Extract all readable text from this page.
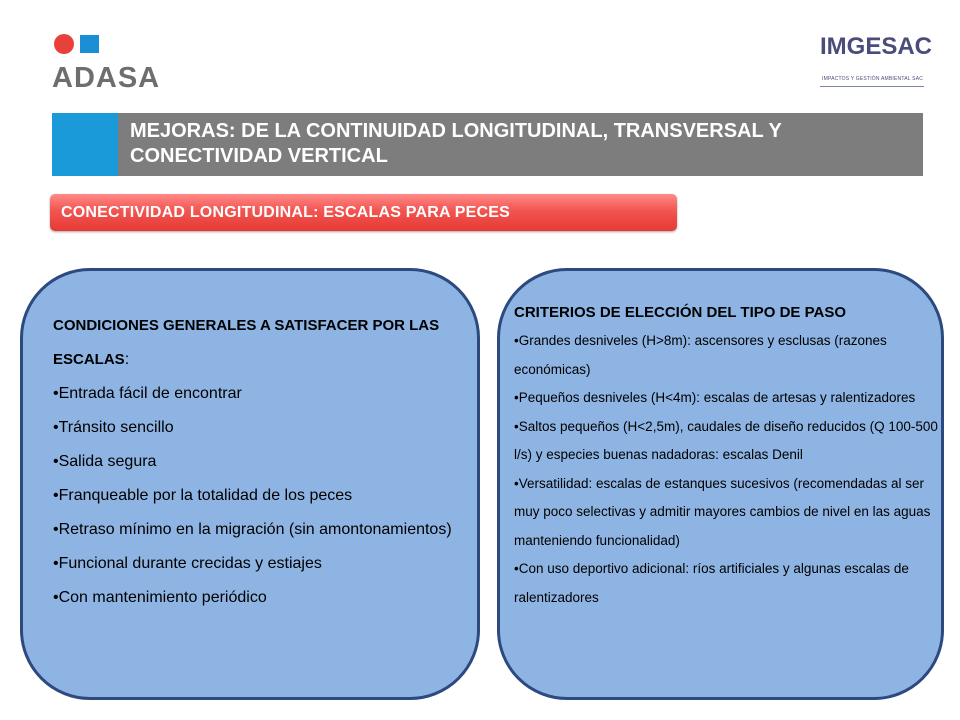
ADASA
IMGESAC
IMPACTOS Y GESTIÓN AMBIENTAL SAC
MEJORAS: DE LA CONTINUIDAD LONGITUDINAL, TRANSVERSAL Y CONECTIVIDAD VERTICAL
CONECTIVIDAD LONGITUDINAL: ESCALAS PARA PECES
CONDICIONES GENERALES A SATISFACER POR LAS ESCALAS:
•Entrada fácil de encontrar
•Tránsito sencillo
•Salida segura
•Franqueable por la totalidad de los peces
•Retraso mínimo en la migración (sin amontonamientos)
•Funcional durante crecidas y estiajes
•Con mantenimiento periódico
CRITERIOS DE ELECCIÓN DEL TIPO DE PASO
•Grandes desniveles (H>8m): ascensores y esclusas (razones económicas)
•Pequeños desniveles (H<4m): escalas de artesas y ralentizadores
•Saltos pequeños (H<2,5m), caudales de diseño reducidos (Q 100-500 l/s) y especies buenas nadadoras: escalas Denil
•Versatilidad: escalas de estanques sucesivos (recomendadas al ser muy poco selectivas y admitir mayores cambios de nivel en las aguas manteniendo funcionalidad)
•Con uso deportivo adicional: ríos artificiales y algunas escalas de ralentizadores
